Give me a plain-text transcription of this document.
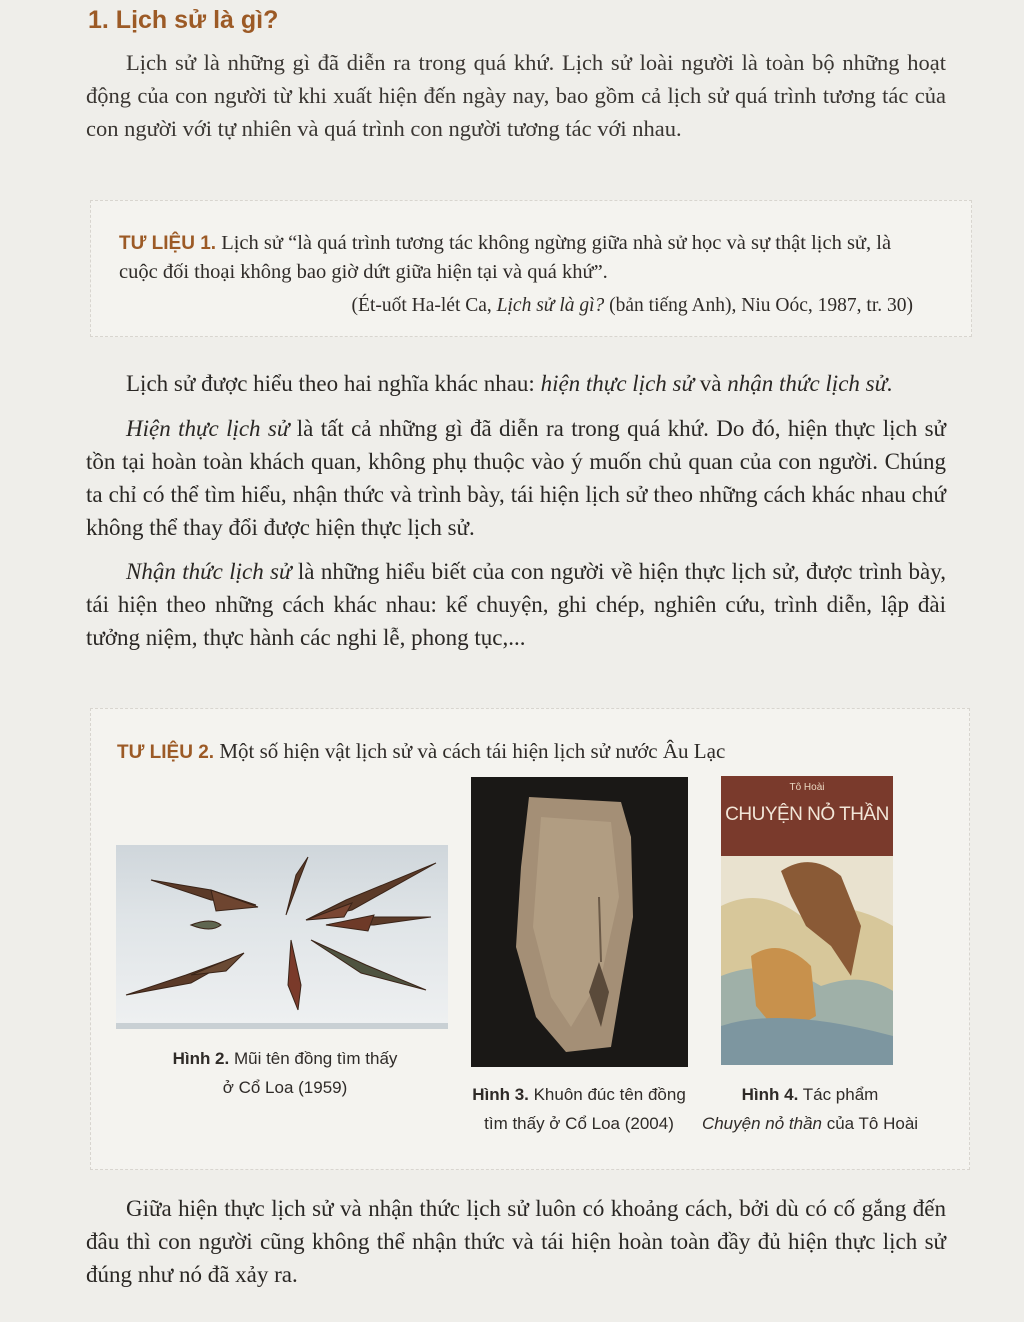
1. Lịch sử là gì?

Lịch sử là những gì đã diễn ra trong quá khứ. Lịch sử loài người là toàn bộ những hoạt động của con người từ khi xuất hiện đến ngày nay, bao gồm cả lịch sử quá trình tương tác của con người với tự nhiên và quá trình con người tương tác với nhau.

TƯ LIỆU 1. Lịch sử “là quá trình tương tác không ngừng giữa nhà sử học và sự thật lịch sử, là cuộc đối thoại không bao giờ dứt giữa hiện tại và quá khứ”.

(Ét-uốt Ha-lét Ca, Lịch sử là gì? (bản tiếng Anh), Niu Oóc, 1987, tr. 30)

Lịch sử được hiểu theo hai nghĩa khác nhau: hiện thực lịch sử và nhận thức lịch sử.

Hiện thực lịch sử là tất cả những gì đã diễn ra trong quá khứ. Do đó, hiện thực lịch sử tồn tại hoàn toàn khách quan, không phụ thuộc vào ý muốn chủ quan của con người. Chúng ta chỉ có thể tìm hiểu, nhận thức và trình bày, tái hiện lịch sử theo những cách khác nhau chứ không thể thay đổi được hiện thực lịch sử.

Nhận thức lịch sử là những hiểu biết của con người về hiện thực lịch sử, được trình bày, tái hiện theo những cách khác nhau: kể chuyện, ghi chép, nghiên cứu, trình diễn, lập đài tưởng niệm, thực hành các nghi lễ, phong tục,...

TƯ LIỆU 2. Một số hiện vật lịch sử và cách tái hiện lịch sử nước Âu Lạc

Tô Hoài
CHUYỆN NỎ THẦN

Hình 2. Mũi tên đồng tìm thấy
ở Cổ Loa (1959)	Hình 3. Khuôn đúc tên đồng
tìm thấy ở Cổ Loa (2004)

Hình 4. Tác phẩm
Chuyện nỏ thần của Tô Hoài

Giữa hiện thực lịch sử và nhận thức lịch sử luôn có khoảng cách, bởi dù có cố gắng đến đâu thì con người cũng không thể nhận thức và tái hiện hoàn toàn đầy đủ hiện thực lịch sử đúng như nó đã xảy ra.
